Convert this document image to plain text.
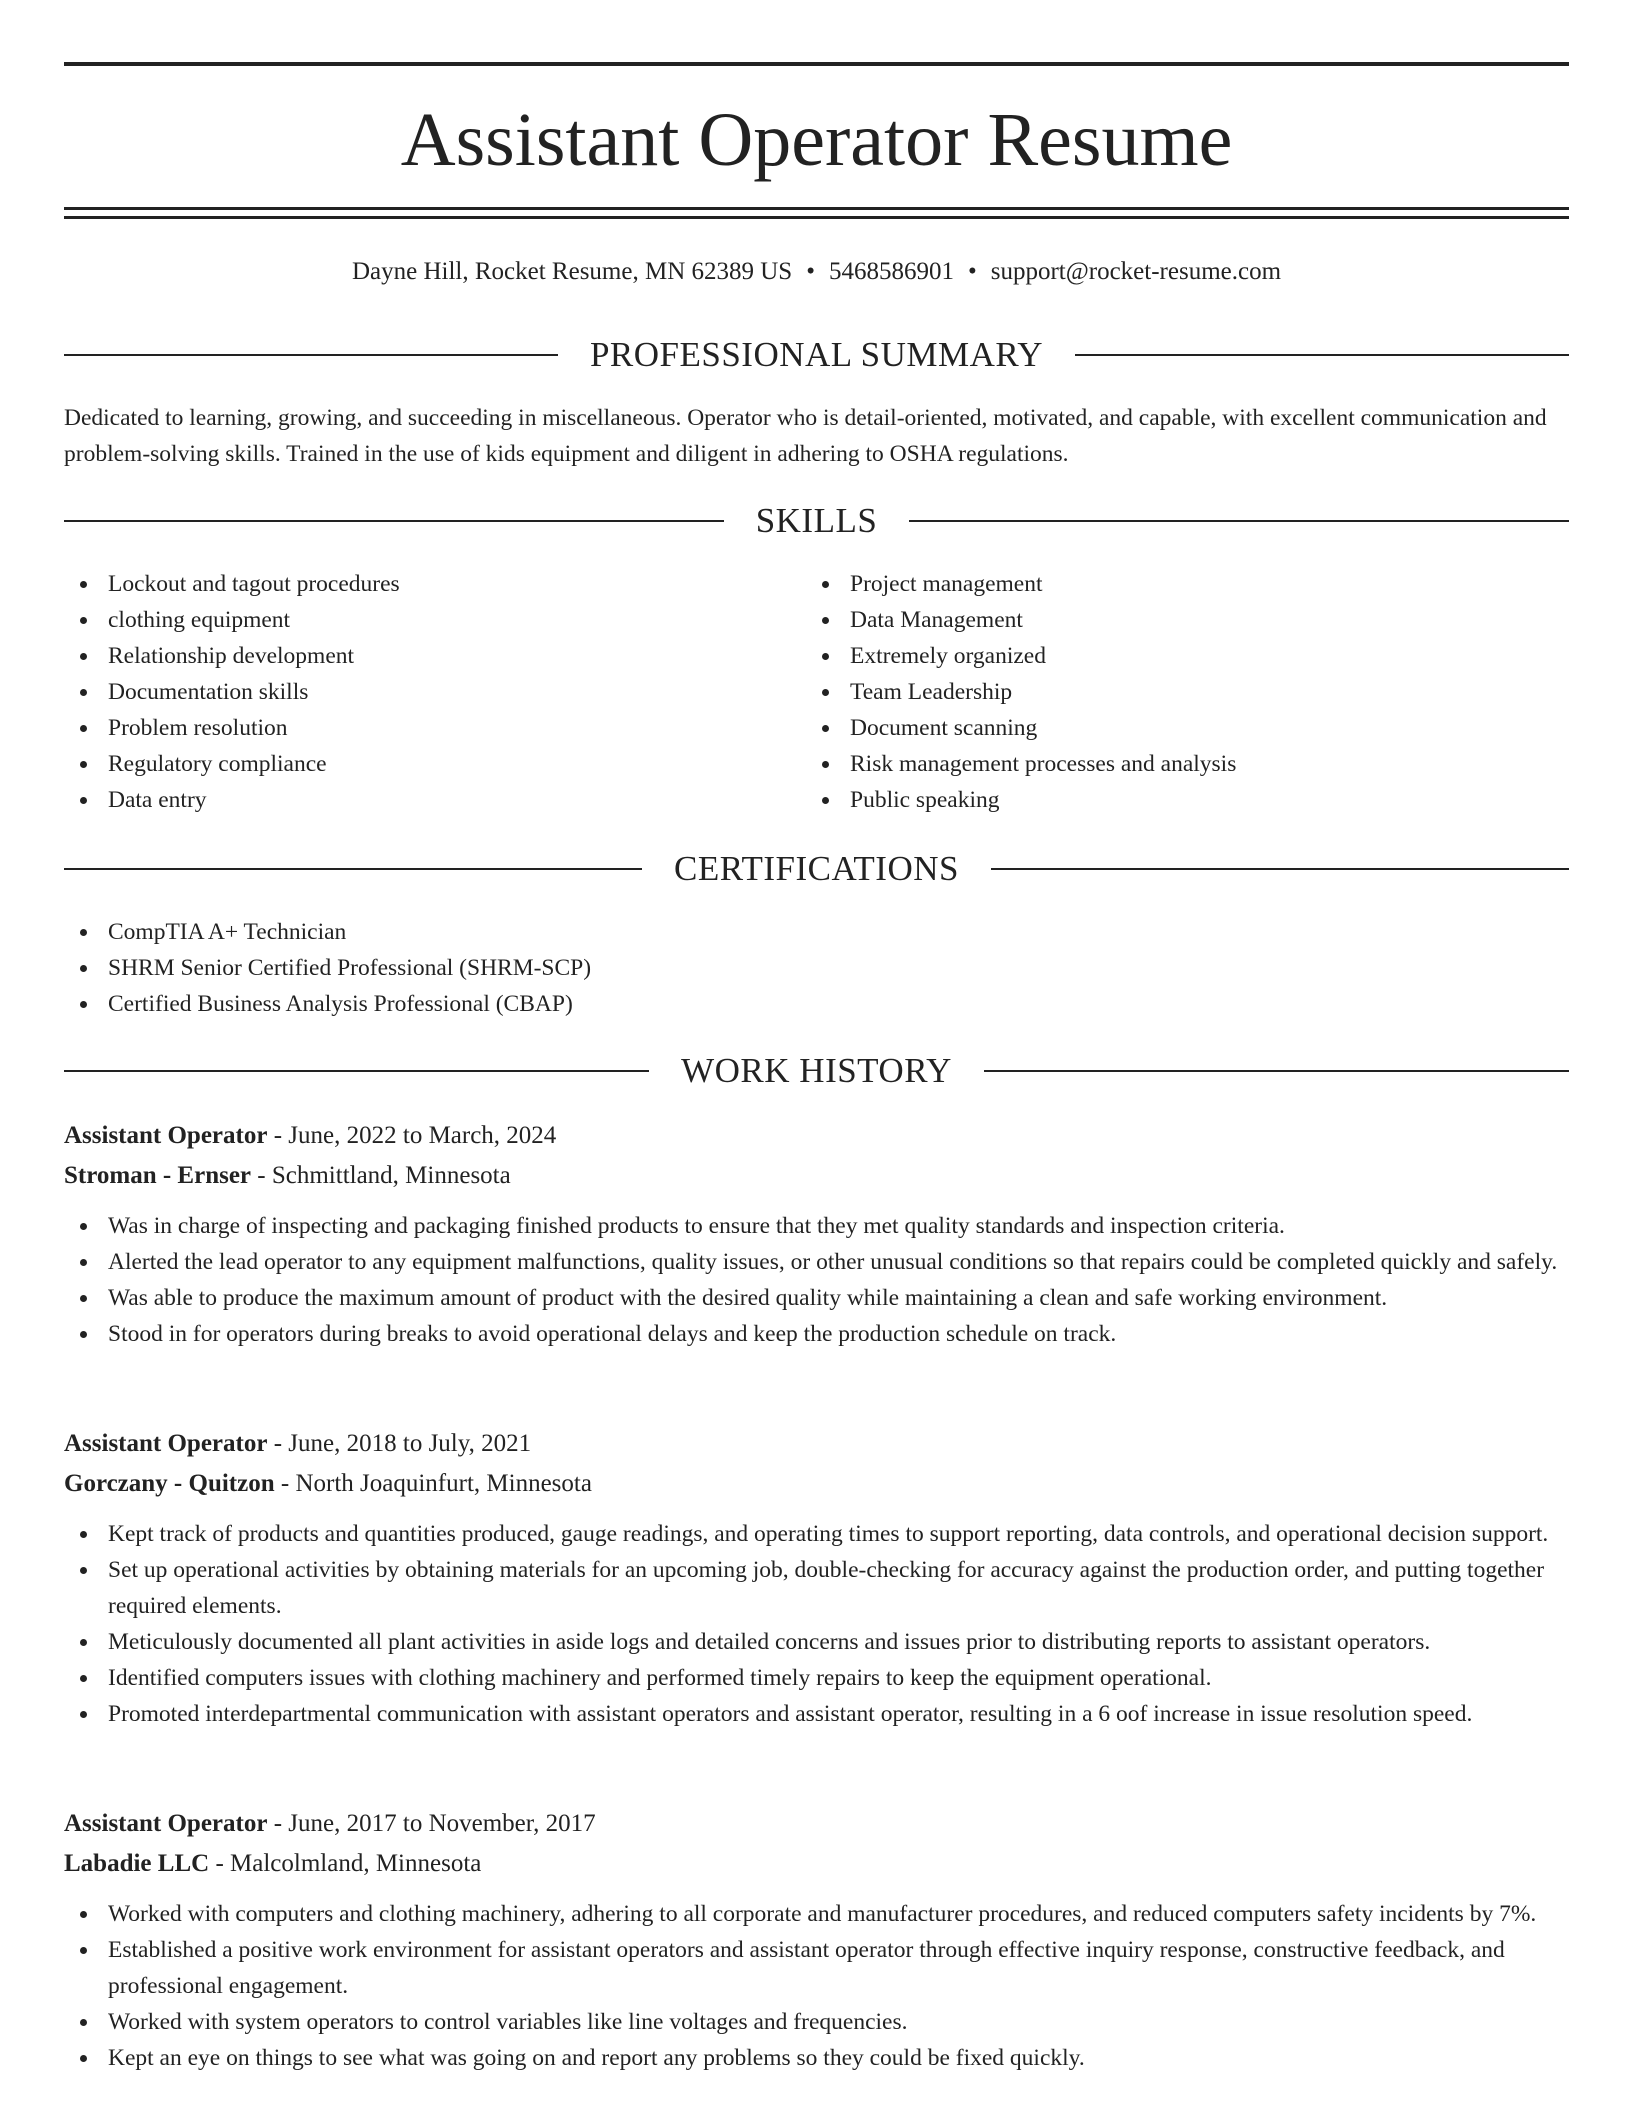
Assistant Operator Resume
Dayne Hill, Rocket Resume, MN 62389 US • 5468586901 • support@rocket-resume.com
PROFESSIONAL SUMMARY

Dedicated to learning, growing, and succeeding in miscellaneous. Operator who is detail-oriented, motivated, and capable, with excellent communication and problem-solving skills. Trained in the use of kids equipment and diligent in adhering to OSHA regulations.

SKILLS
Lockout and tagout procedures
clothing equipment
Relationship development
Documentation skills
Problem resolution
Regulatory compliance
Data entry
Project management
Data Management
Extremely organized
Team Leadership
Document scanning
Risk management processes and analysis
Public speaking
CERTIFICATIONS
CompTIA A+ Technician
SHRM Senior Certified Professional (SHRM-SCP)
Certified Business Analysis Professional (CBAP)
WORK HISTORY
Assistant Operator - June, 2022 to March, 2024
Stroman - Ernser - Schmittland, Minnesota
Was in charge of inspecting and packaging finished products to ensure that they met quality standards and inspection criteria.
Alerted the lead operator to any equipment malfunctions, quality issues, or other unusual conditions so that repairs could be completed quickly and safely.
Was able to produce the maximum amount of product with the desired quality while maintaining a clean and safe working environment.
Stood in for operators during breaks to avoid operational delays and keep the production schedule on track.
Assistant Operator - June, 2018 to July, 2021
Gorczany - Quitzon - North Joaquinfurt, Minnesota
Kept track of products and quantities produced, gauge readings, and operating times to support reporting, data controls, and operational decision support.
Set up operational activities by obtaining materials for an upcoming job, double-checking for accuracy against the production order, and putting together required elements.
Meticulously documented all plant activities in aside logs and detailed concerns and issues prior to distributing reports to assistant operators.
Identified computers issues with clothing machinery and performed timely repairs to keep the equipment operational.
Promoted interdepartmental communication with assistant operators and assistant operator, resulting in a 6 oof increase in issue resolution speed.
Assistant Operator - June, 2017 to November, 2017
Labadie LLC - Malcolmland, Minnesota
Worked with computers and clothing machinery, adhering to all corporate and manufacturer procedures, and reduced computers safety incidents by 7%.
Established a positive work environment for assistant operators and assistant operator through effective inquiry response, constructive feedback, and professional engagement.
Worked with system operators to control variables like line voltages and frequencies.
Kept an eye on things to see what was going on and report any problems so they could be fixed quickly.
